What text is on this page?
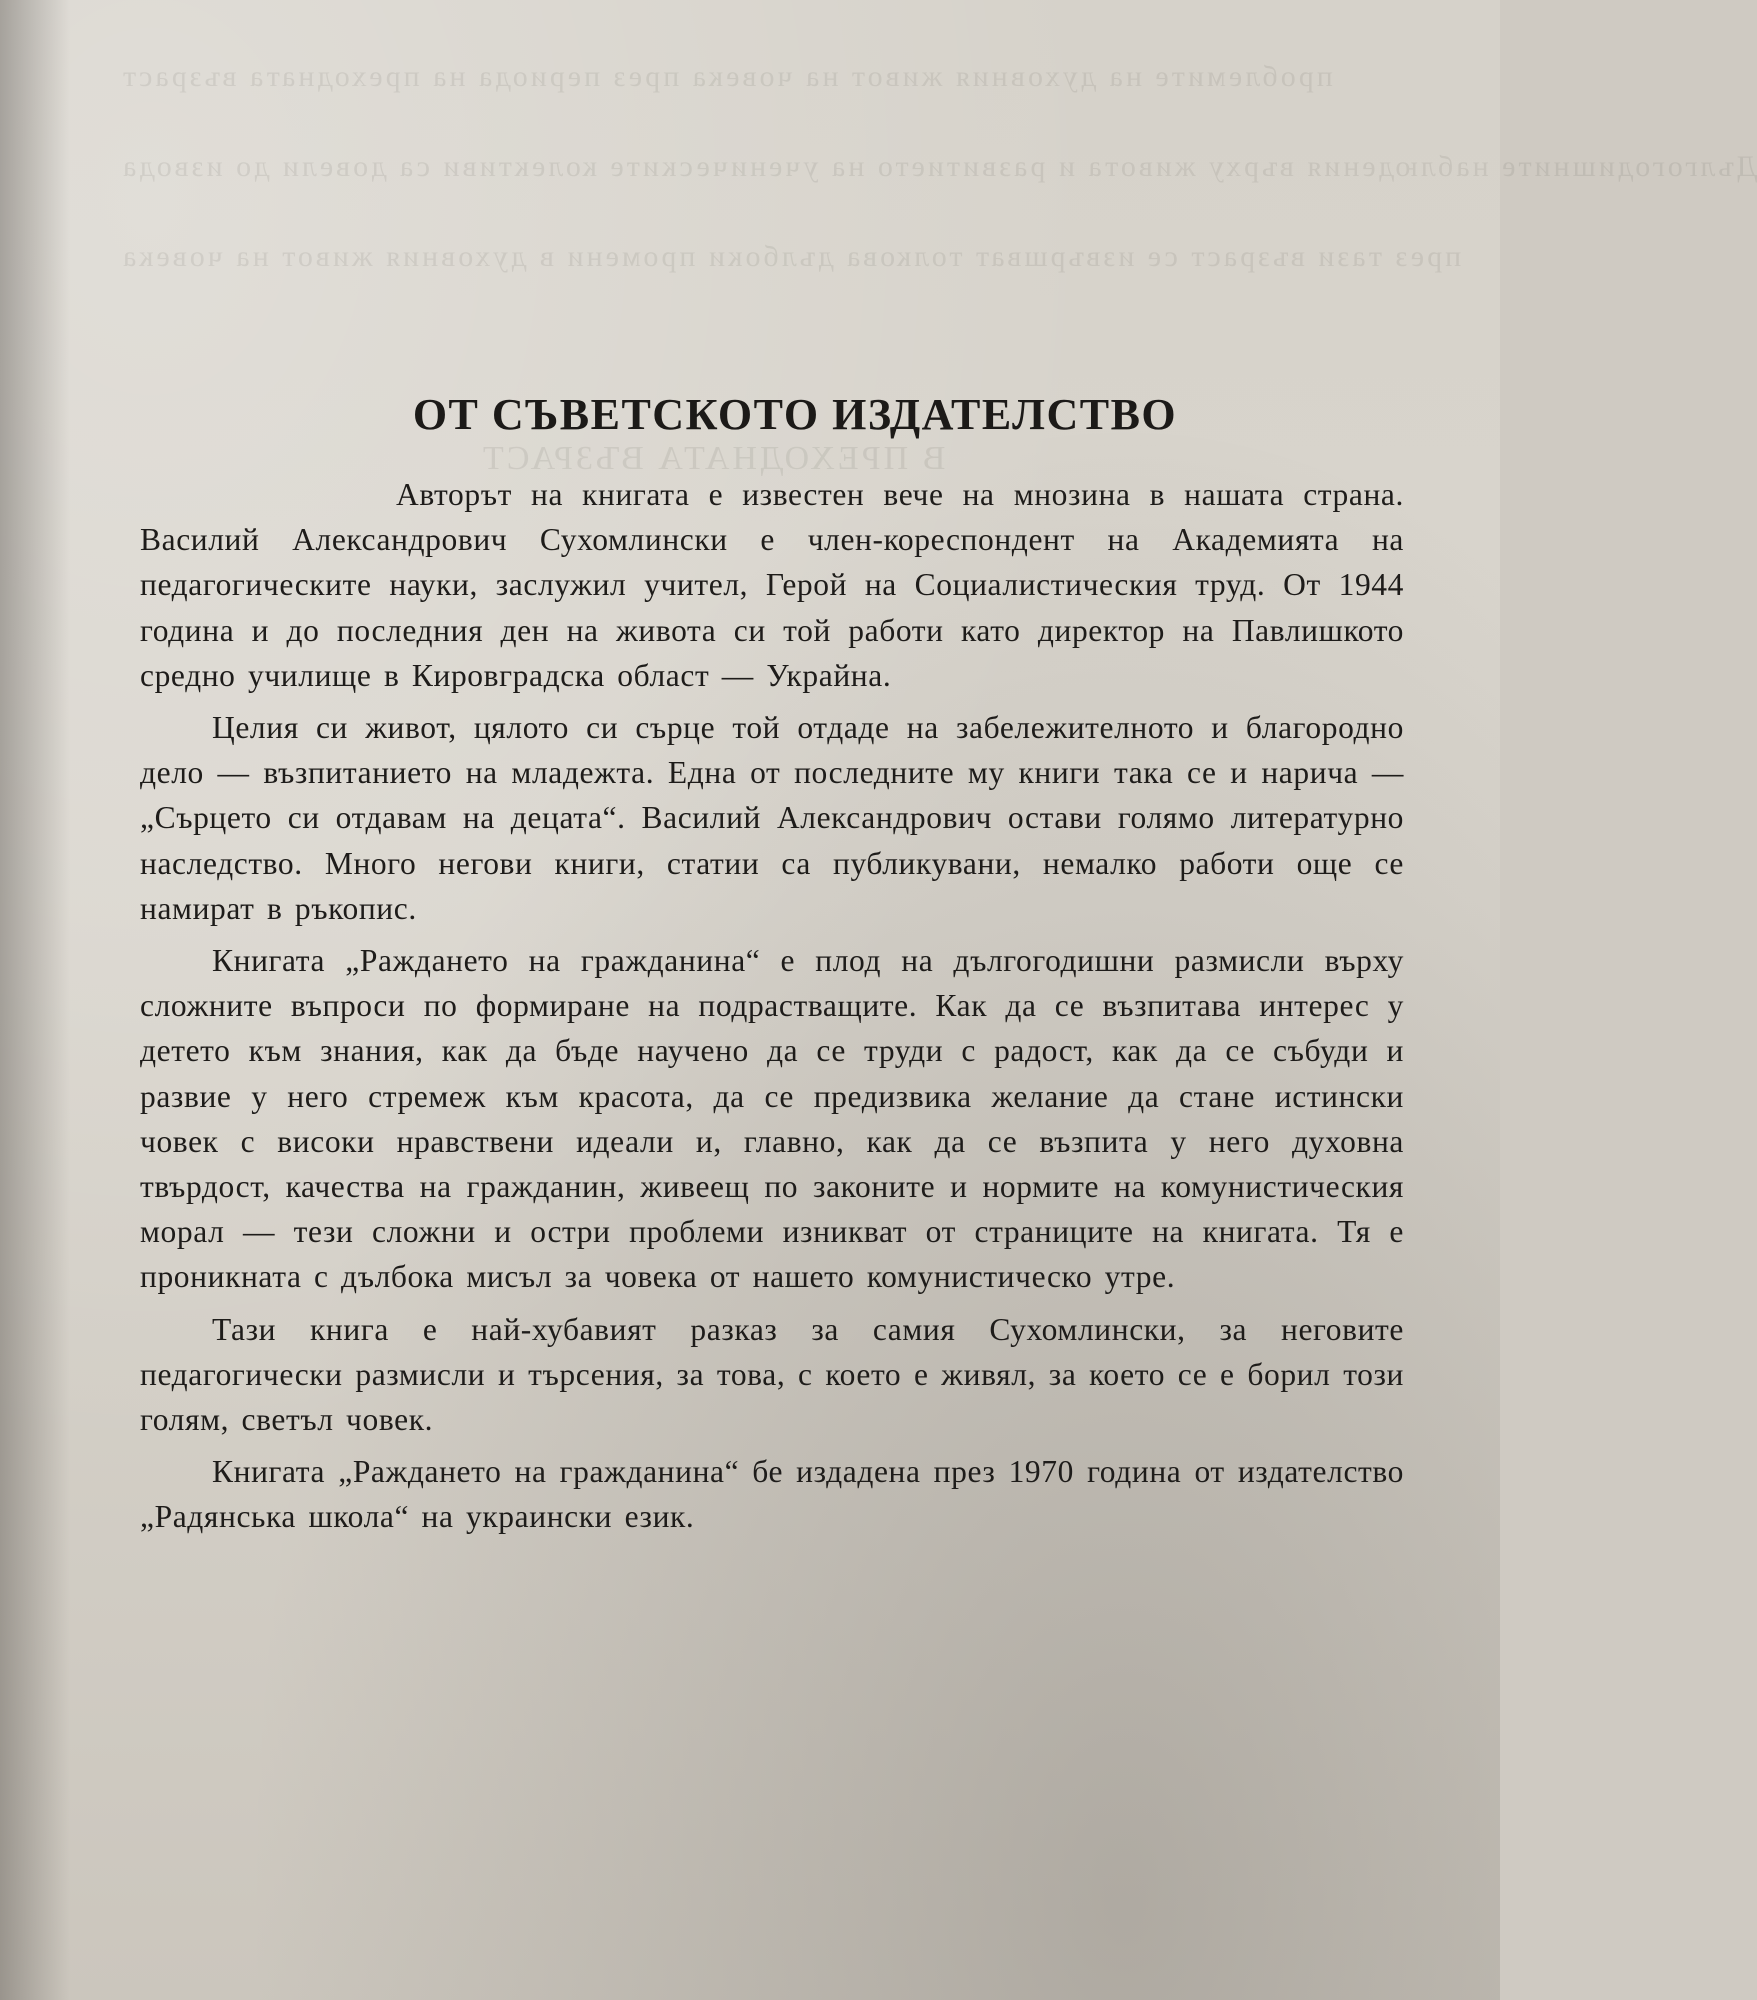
проблемите на духовния живот на човека през периода на преходната възраст
Дългогодишните наблюдения върху живота и развитието на ученическите колективи са довели до извода
през тази възраст се извършват толкова дълбоки промени в духовния живот на човека
В ПРЕХОДНАТА ВЪЗРАСТ
ОТ СЪВЕТСКОТО ИЗДАТЕЛСТВО

Авторът на книгата е известен вече на мнозина в нашата страна. Василий Александрович Сухомлински е член-кореспондент на Академията на педагогическите науки, заслужил учител, Герой на Социалистическия труд. От 1944 година и до последния ден на живота си той работи като директор на Павлишкото средно училище в Кировградска област — Украйна.

Целия си живот, цялото си сърце той отдаде на забележителното и благородно дело — възпитанието на младежта. Една от последните му книги така се и нарича — „Сърцето си отдавам на децата“. Василий Александрович остави голямо литературно наследство. Много негови книги, статии са публикувани, немалко работи още се намират в ръкопис.

Книгата „Раждането на гражданина“ е плод на дългогодишни размисли върху сложните въпроси по формиране на подрастващите. Как да се възпитава интерес у детето към знания, как да бъде научено да се труди с радост, как да се събуди и развие у него стремеж към красота, да се предизвика желание да стане истински човек с високи нравствени идеали и, главно, как да се възпита у него духовна твърдост, качества на гражданин, живеещ по законите и нормите на комунистическия морал — тези сложни и остри проблеми изникват от страниците на книгата. Тя е проникната с дълбока мисъл за човека от нашето комунистическо утре.

Тази книга е най-хубавият разказ за самия Сухомлински, за неговите педагогически размисли и търсения, за това, с което е живял, за което се е борил този голям, светъл човек.

Книгата „Раждането на гражданина“ бе издадена през 1970 година от издателство „Радянська школа“ на украински език.
